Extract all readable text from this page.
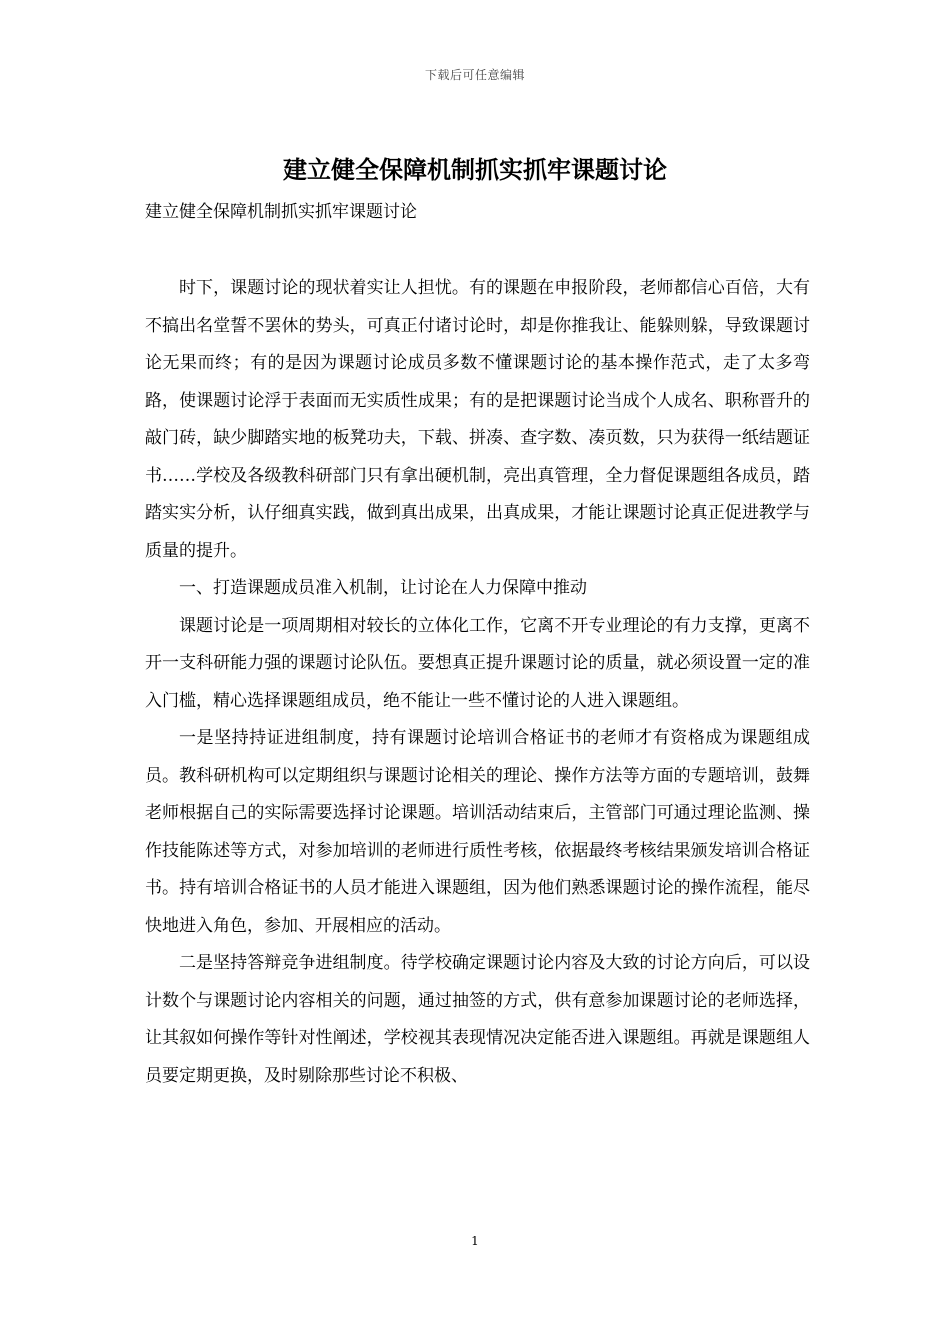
下载后可任意编辑
建立健全保障机制抓实抓牢课题讨论

建立健全保障机制抓实抓牢课题讨论

时下，课题讨论的现状着实让人担忧。有的课题在申报阶段，老师都信心百倍，大有不搞出名堂誓不罢休的势头，可真正付诸讨论时，却是你推我让、能躲则躲，导致课题讨论无果而终；有的是因为课题讨论成员多数不懂课题讨论的基本操作范式，走了太多弯路，使课题讨论浮于表面而无实质性成果；有的是把课题讨论当成个人成名、职称晋升的敲门砖，缺少脚踏实地的板凳功夫，下载、拼凑、查字数、凑页数，只为获得一纸结题证书……学校及各级教科研部门只有拿出硬机制，亮出真管理，全力督促课题组各成员，踏踏实实分析，认仔细真实践，做到真出成果，出真成果，才能让课题讨论真正促进教学与质量的提升。

一、打造课题成员准入机制，让讨论在人力保障中推动

课题讨论是一项周期相对较长的立体化工作，它离不开专业理论的有力支撑，更离不开一支科研能力强的课题讨论队伍。要想真正提升课题讨论的质量，就必须设置一定的准入门槛，精心选择课题组成员，绝不能让一些不懂讨论的人进入课题组。

一是坚持持证进组制度，持有课题讨论培训合格证书的老师才有资格成为课题组成员。教科研机构可以定期组织与课题讨论相关的理论、操作方法等方面的专题培训，鼓舞老师根据自己的实际需要选择讨论课题。培训活动结束后，主管部门可通过理论监测、操作技能陈述等方式，对参加培训的老师进行质性考核，依据最终考核结果颁发培训合格证书。持有培训合格证书的人员才能进入课题组，因为他们熟悉课题讨论的操作流程，能尽快地进入角色，参加、开展相应的活动。

二是坚持答辩竞争进组制度。待学校确定课题讨论内容及大致的讨论方向后，可以设计数个与课题讨论内容相关的问题，通过抽签的方式，供有意参加课题讨论的老师选择，让其叙如何操作等针对性阐述，学校视其表现情况决定能否进入课题组。再就是课题组人员要定期更换，及时剔除那些讨论不积极、

1
